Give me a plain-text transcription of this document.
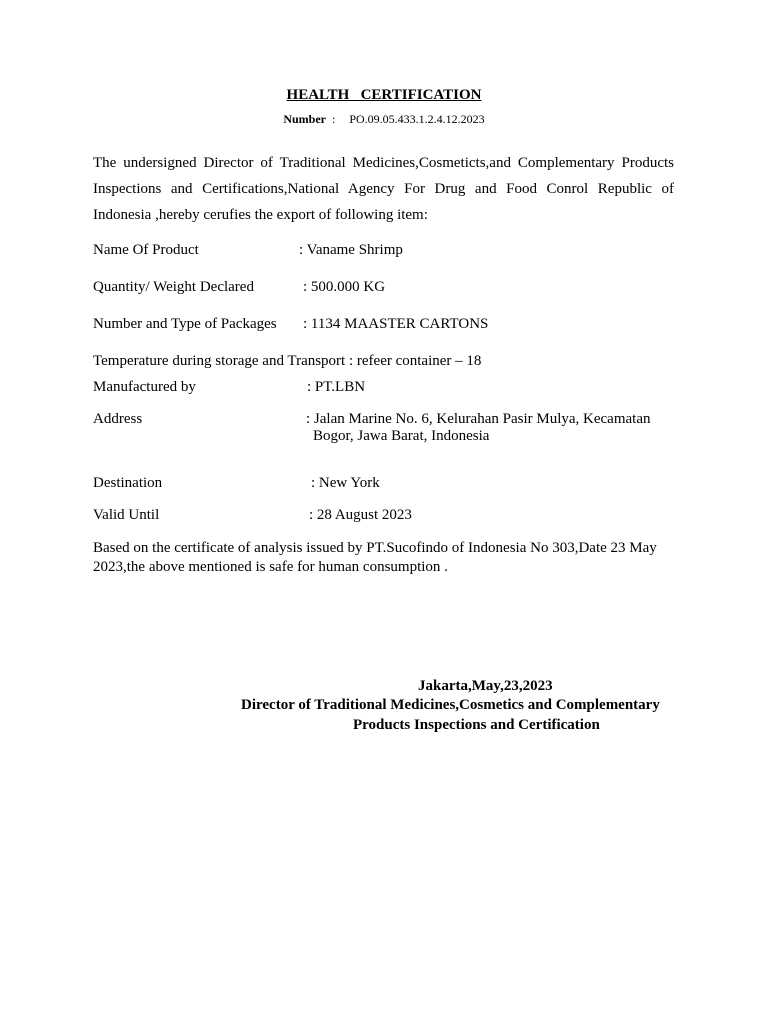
HEALTH   CERTIFICATION
Number : PO.09.05.433.1.2.4.12.2023
The undersigned Director of Traditional Medicines,Cosmeticts,and Complementary Products Inspections and Certifications,National Agency For Drug and Food Conrol Republic of Indonesia ,hereby cerufies the export of following item:
Name Of Product	: Vaname Shrimp
Quantity/ Weight Declared	: 500.000 KG
Number and Type of Packages : 1134 MAASTER CARTONS
Temperature during storage and Transport : refeer container – 18
Manufactured by	: PT.LBN
Address	: Jalan Marine No. 6, Kelurahan Pasir Mulya, Kecamatan
Bogor, Jawa Barat, Indonesia
Destination	: New York
Valid Until	: 28 August 2023
Based on the certificate of analysis issued by PT.Sucofindo of Indonesia No 303,Date 23 May 2023,the above mentioned is safe for human consumption .
Jakarta,May,23,2023
Director of Traditional Medicines,Cosmetics and Complementary
Products Inspections and Certification
